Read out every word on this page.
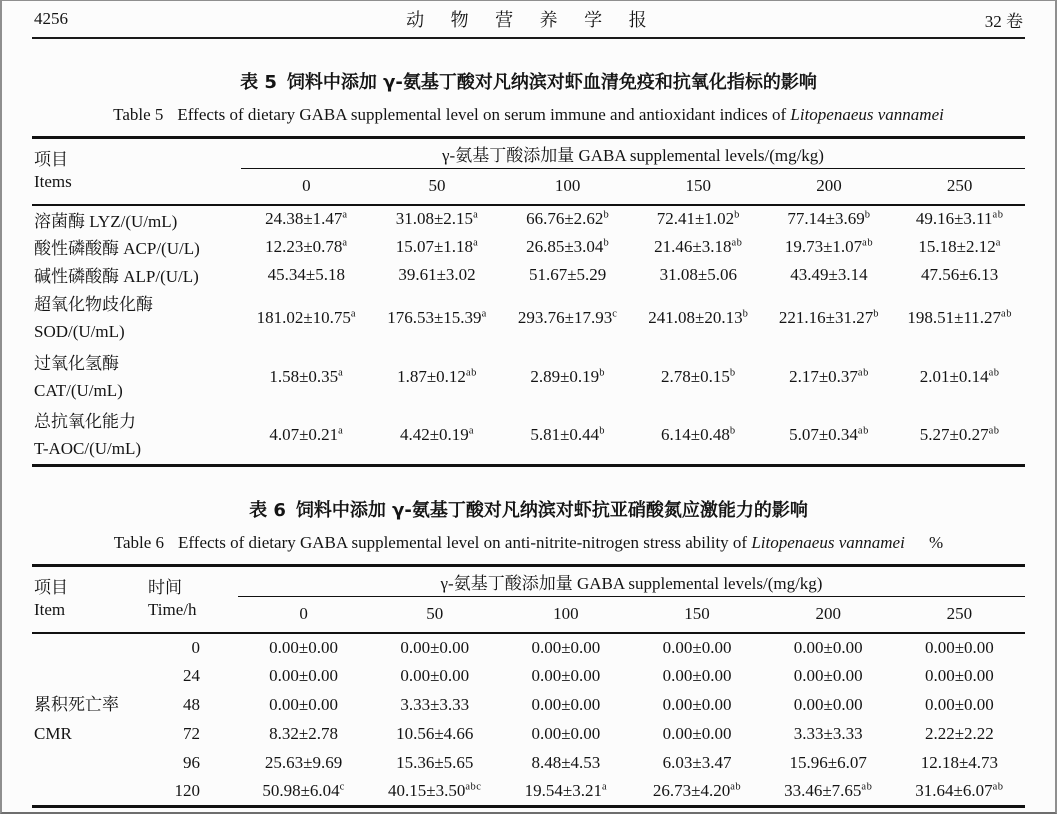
4256	动 物 营 养 学 报	32 卷
表 5 饲料中添加 γ-氨基丁酸对凡纳滨对虾血清免疫和抗氧化指标的影响
Table 5 Effects of dietary GABA supplemental level on serum immune and antioxidant indices of Litopenaeus vannamei
项目
Items	γ-氨基丁酸添加量 GABA supplemental levels/(mg/kg)					
	0	50	100	150	200	250
溶菌酶 LYZ/(U/mL)	24.38±1.47$^a$	31.08±2.15$^a$	66.76±2.62$^b$	72.41±1.02$^b$	77.14±3.69$^b$	49.16±3.11$^{ab}$
酸性磷酸酶 ACP/(U/L)	12.23±0.78$^a$	15.07±1.18$^a$	26.85±3.04$^b$	21.46±3.18$^{ab}$	19.73±1.07$^{ab}$	15.18±2.12$^a$
碱性磷酸酶 ALP/(U/L)	45.34±5.18	39.61±3.02	51.67±5.29	31.08±5.06	43.49±3.14	47.56±6.13

超氧化物歧化酶
SOD/(U/mL)	181.02±10.75$^a$	176.53±15.39$^a$	293.76±17.93$^c$	241.08±20.13$^b$	221.16±31.27$^b$	198.51±11.27$^{ab}$

过氧化氢酶
CAT/(U/mL)	1.58±0.35$^a$	1.87±0.12$^{ab}$	2.89±0.19$^b$	2.78±0.15$^b$	2.17±0.37$^{ab}$	2.01±0.14$^{ab}$

总抗氧化能力
T-AOC/(U/mL)	4.07±0.21$^a$	4.42±0.19$^a$	5.81±0.44$^b$	6.14±0.48$^b$	5.07±0.34$^{ab}$	5.27±0.27$^{ab}$
表 6 饲料中添加 γ-氨基丁酸对凡纳滨对虾抗亚硝酸氮应激能力的影响
Table 6 Effects of dietary GABA supplemental level on anti-nitrite-nitrogen stress ability of Litopenaeus vannamei %
项目
Item	时间
Time/h	γ-氨基丁酸添加量 GABA supplemental levels/(mg/kg)					
		0	50	100	150	200	250

累积死亡率
CMR	0	0.00±0.00	0.00±0.00	0.00±0.00	0.00±0.00	0.00±0.00	0.00±0.00
	24	0.00±0.00	0.00±0.00	0.00±0.00	0.00±0.00	0.00±0.00	0.00±0.00
	48	0.00±0.00	3.33±3.33	0.00±0.00	0.00±0.00	0.00±0.00	0.00±0.00
	72	8.32±2.78	10.56±4.66	0.00±0.00	0.00±0.00	3.33±3.33	2.22±2.22
	96	25.63±9.69	15.36±5.65	8.48±4.53	6.03±3.47	15.96±6.07	12.18±4.73
	120	50.98±6.04$^c$	40.15±3.50$^{abc}$	19.54±3.21$^a$	26.73±4.20$^{ab}$	33.46±7.65$^{ab}$	31.64±6.07$^{ab}$
